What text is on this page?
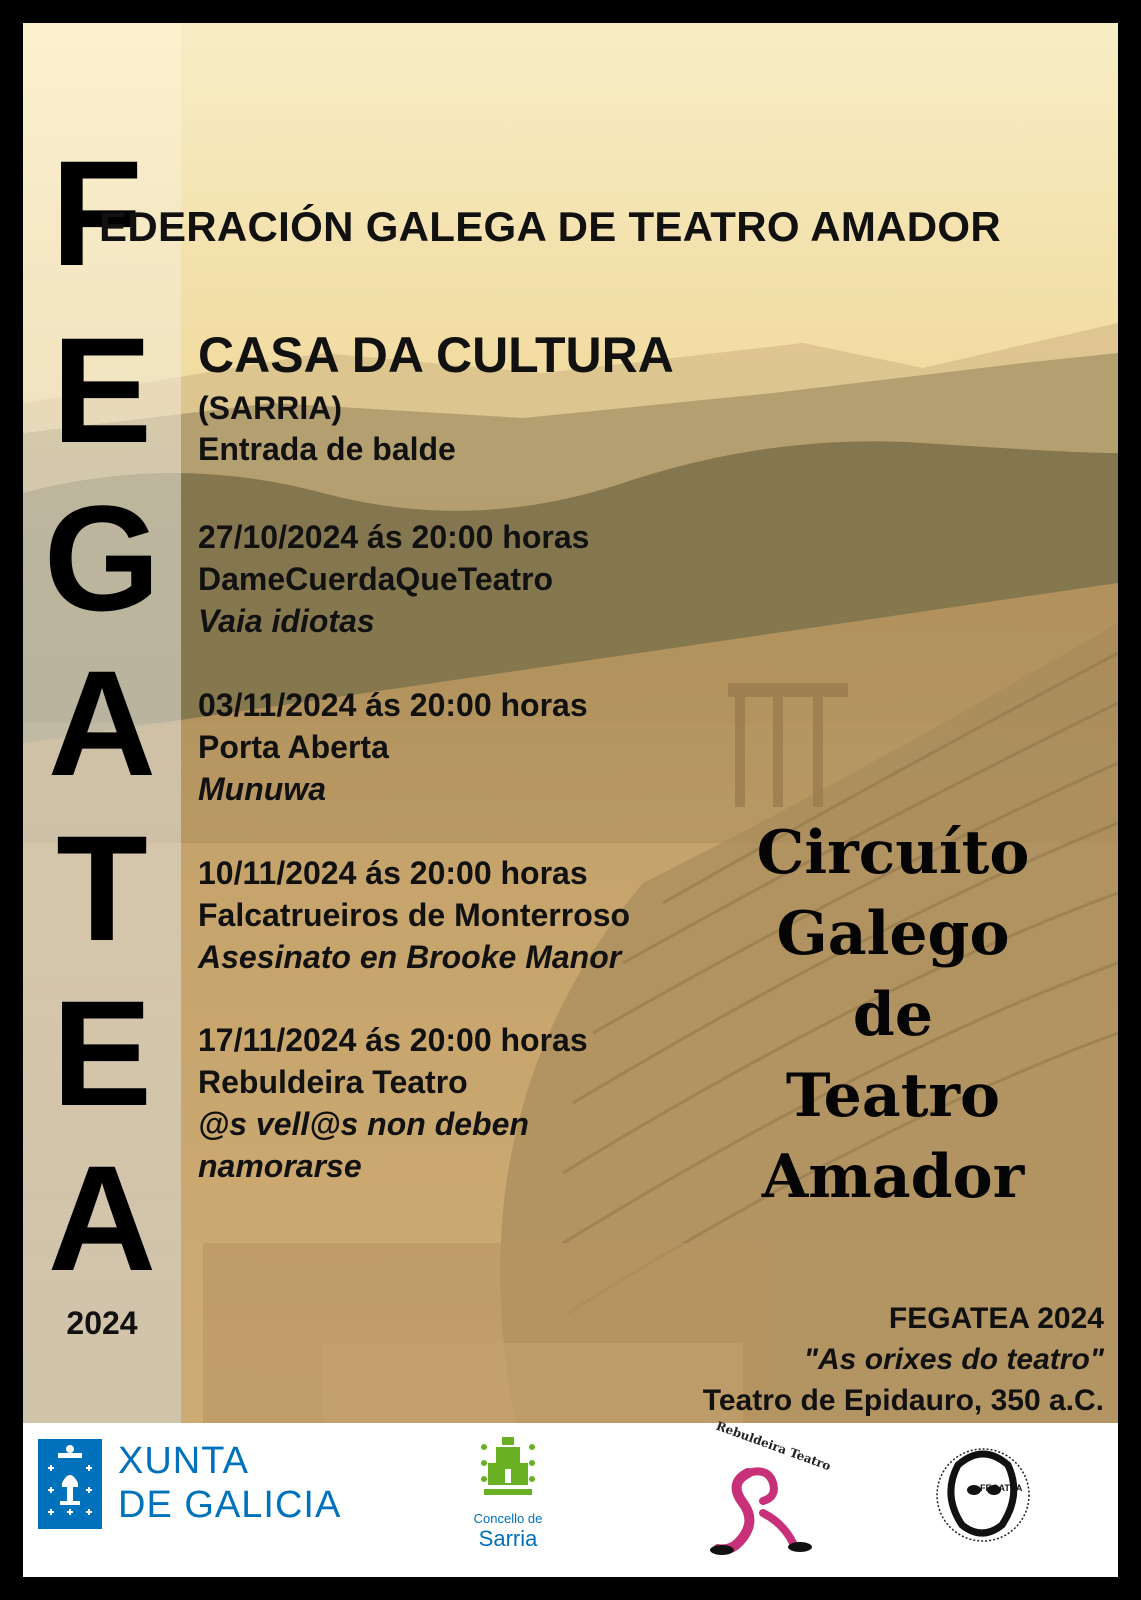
F
EDERACIÓN GALEGA DE TEATRO AMADOR
E
G
A
T
E
A
CASA DA CULTURA
(SARRIA)
Entrada de balde
27/10/2024 ás 20:00 horas
DameCuerdaQueTeatro
Vaia idiotas
03/11/2024 ás 20:00 horas
Porta Aberta
Munuwa
10/11/2024 ás 20:00 horas
Falcatrueiros de Monterroso
Asesinato en Brooke Manor
17/11/2024 ás 20:00 horas
Rebuldeira Teatro
@s vell@s non deben
namorarse
Circuíto
Galego
de
Teatro
Amador
2024	FEGATEA 2024
"As orixes do teatro"
Teatro de Epidauro, 350 a.C.
XUNTA
DE GALICIA	Concello de
Sarria
Rebuldeira Teatro
FEGATEA
